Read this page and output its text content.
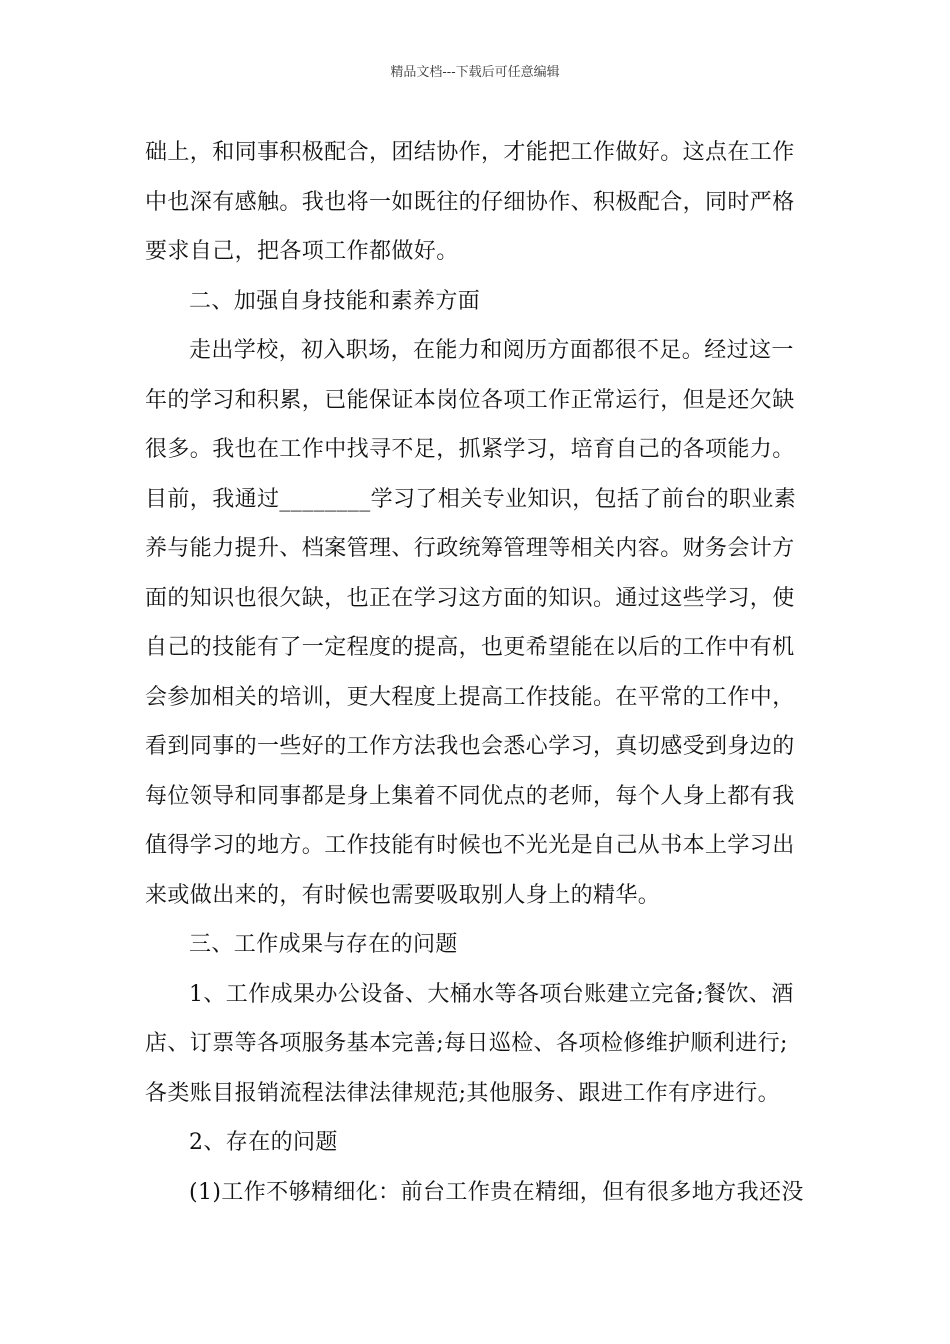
精品文档---下载后可任意编辑
础上，和同事积极配合，团结协作，才能把工作做好。这点在工作
中也深有感触。我也将一如既往的仔细协作、积极配合，同时严格
要求自己，把各项工作都做好。
二、加强自身技能和素养方面
走出学校，初入职场，在能力和阅历方面都很不足。经过这一
年的学习和积累，已能保证本岗位各项工作正常运行，但是还欠缺
很多。我也在工作中找寻不足，抓紧学习，培育自己的各项能力。
目前，我通过________学习了相关专业知识，包括了前台的职业素
养与能力提升、档案管理、行政统筹管理等相关内容。财务会计方
面的知识也很欠缺，也正在学习这方面的知识。通过这些学习，使
自己的技能有了一定程度的提高，也更希望能在以后的工作中有机
会参加相关的培训，更大程度上提高工作技能。在平常的工作中，
看到同事的一些好的工作方法我也会悉心学习，真切感受到身边的
每位领导和同事都是身上集着不同优点的老师，每个人身上都有我
值得学习的地方。工作技能有时候也不光光是自己从书本上学习出
来或做出来的，有时候也需要吸取别人身上的精华。
三、工作成果与存在的问题
1、工作成果办公设备、大桶水等各项台账建立完备;餐饮、酒
店、订票等各项服务基本完善;每日巡检、各项检修维护顺利进行;
各类账目报销流程法律法律规范;其他服务、跟进工作有序进行。
2、存在的问题
(1)工作不够精细化：前台工作贵在精细，但有很多地方我还没
